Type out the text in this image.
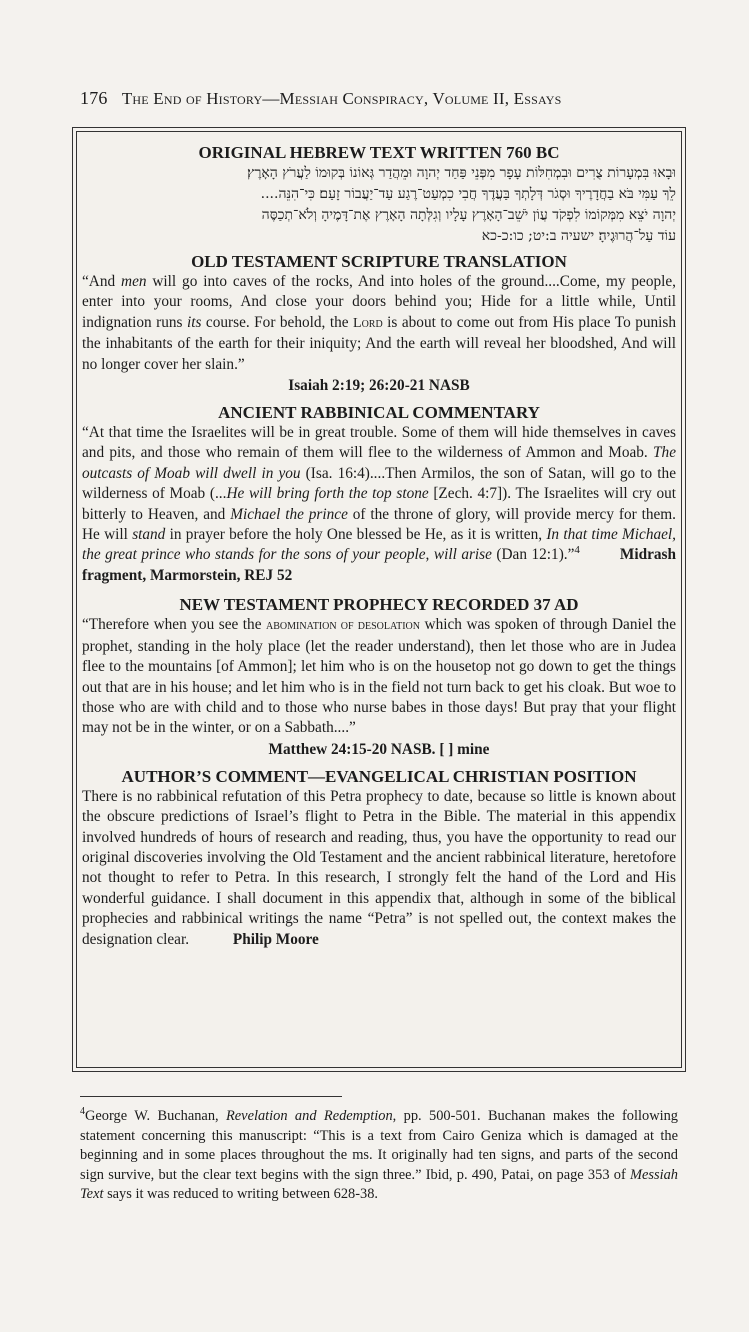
176 The End of History—Messiah Conspiracy, Volume II, Essays
ORIGINAL HEBREW TEXT WRITTEN 760 BC
וּבָאוּ בִּמְעָרוֹת צֻרִים וּבִמְחִלּוֹת עָפָר מִפְּנֵי פַּחַד יְהוָה וּמֵהֲדַר גְּאוֹנוֹ בְּקוּמוֹ לַעֲרֹץ הָאָרֶץ׃
לֵךְ עַמִּי בֹּא בַחֲדָרֶיךָ וּסְגֹר דְּלָתְךָ בַּעֲדֶךָ חֲבִי כִמְעַט־רֶגַע עַד־יַעֲבוֹר זָעַם׃ כִּי־הִנֵּה....
יְהוָה יֹצֵא מִמְּקוֹמוֹ לִפְקֹד עֲוֹן יֹשֵׁב־הָאָרֶץ עָלָיו וְגִלְּתָה הָאָרֶץ אֶת־דָּמֶיהָ וְלֹא־תְכַסֶּה
עוֹד עַל־הֲרוּגֶיהָ׃ ישעיה ב:יט; כו:כ-כא
OLD TESTAMENT SCRIPTURE TRANSLATION

“And men will go into caves of the rocks, And into holes of the ground....Come, my people, enter into your rooms, And close your doors behind you; Hide for a little while, Until indignation runs its course. For behold, the Lord is about to come out from His place To punish the inhabitants of the earth for their iniquity; And the earth will reveal her bloodshed, And will no longer cover her slain.”

Isaiah 2:19; 26:20-21 NASB

ANCIENT RABBINICAL COMMENTARY

“At that time the Israelites will be in great trouble. Some of them will hide themselves in caves and pits, and those who remain of them will flee to the wilderness of Ammon and Moab. The outcasts of Moab will dwell in you (Isa. 16:4)....Then Armilos, the son of Satan, will go to the wilderness of Moab (...He will bring forth the top stone [Zech. 4:7]). The Israelites will cry out bitterly to Heaven, and Michael the prince of the throne of glory, will provide mercy for them. He will stand in prayer before the holy One blessed be He, as it is written, In that time Michael, the great prince who stands for the sons of your people, will arise (Dan 12:1).”$^4$	Midrash fragment, Marmorstein, REJ 52

NEW TESTAMENT PROPHECY RECORDED 37 AD

“Therefore when you see the abomination of desolation which was spoken of through Daniel the prophet, standing in the holy place (let the reader understand), then let those who are in Judea flee to the mountains [of Ammon]; let him who is on the housetop not go down to get the things out that are in his house; and let him who is in the field not turn back to get his cloak. But woe to those who are with child and to those who nurse babes in those days! But pray that your flight may not be in the winter, or on a Sabbath....”

Matthew 24:15-20 NASB. [ ] mine

AUTHOR’S COMMENT—EVANGELICAL CHRISTIAN POSITION

There is no rabbinical refutation of this Petra prophecy to date, because so little is known about the obscure predictions of Israel’s flight to Petra in the Bible. The material in this appendix involved hundreds of hours of research and reading, thus, you have the opportunity to read our original discoveries involving the Old Testament and the ancient rabbinical literature, heretofore not thought to refer to Petra. In this research, I strongly felt the hand of the Lord and His wonderful guidance. I shall document in this appendix that, although in some of the biblical prophecies and rabbinical writings the name “Petra” is not spelled out, the context makes the designation clear.	Philip Moore

$^4$George W. Buchanan, Revelation and Redemption, pp. 500-501. Buchanan makes the following statement concerning this manuscript: “This is a text from Cairo Geniza which is damaged at the beginning and in some places throughout the ms. It originally had ten signs, and parts of the second sign survive, but the clear text begins with the sign three.” Ibid, p. 490, Patai, on page 353 of Messiah Text says it was reduced to writing between 628-38.
